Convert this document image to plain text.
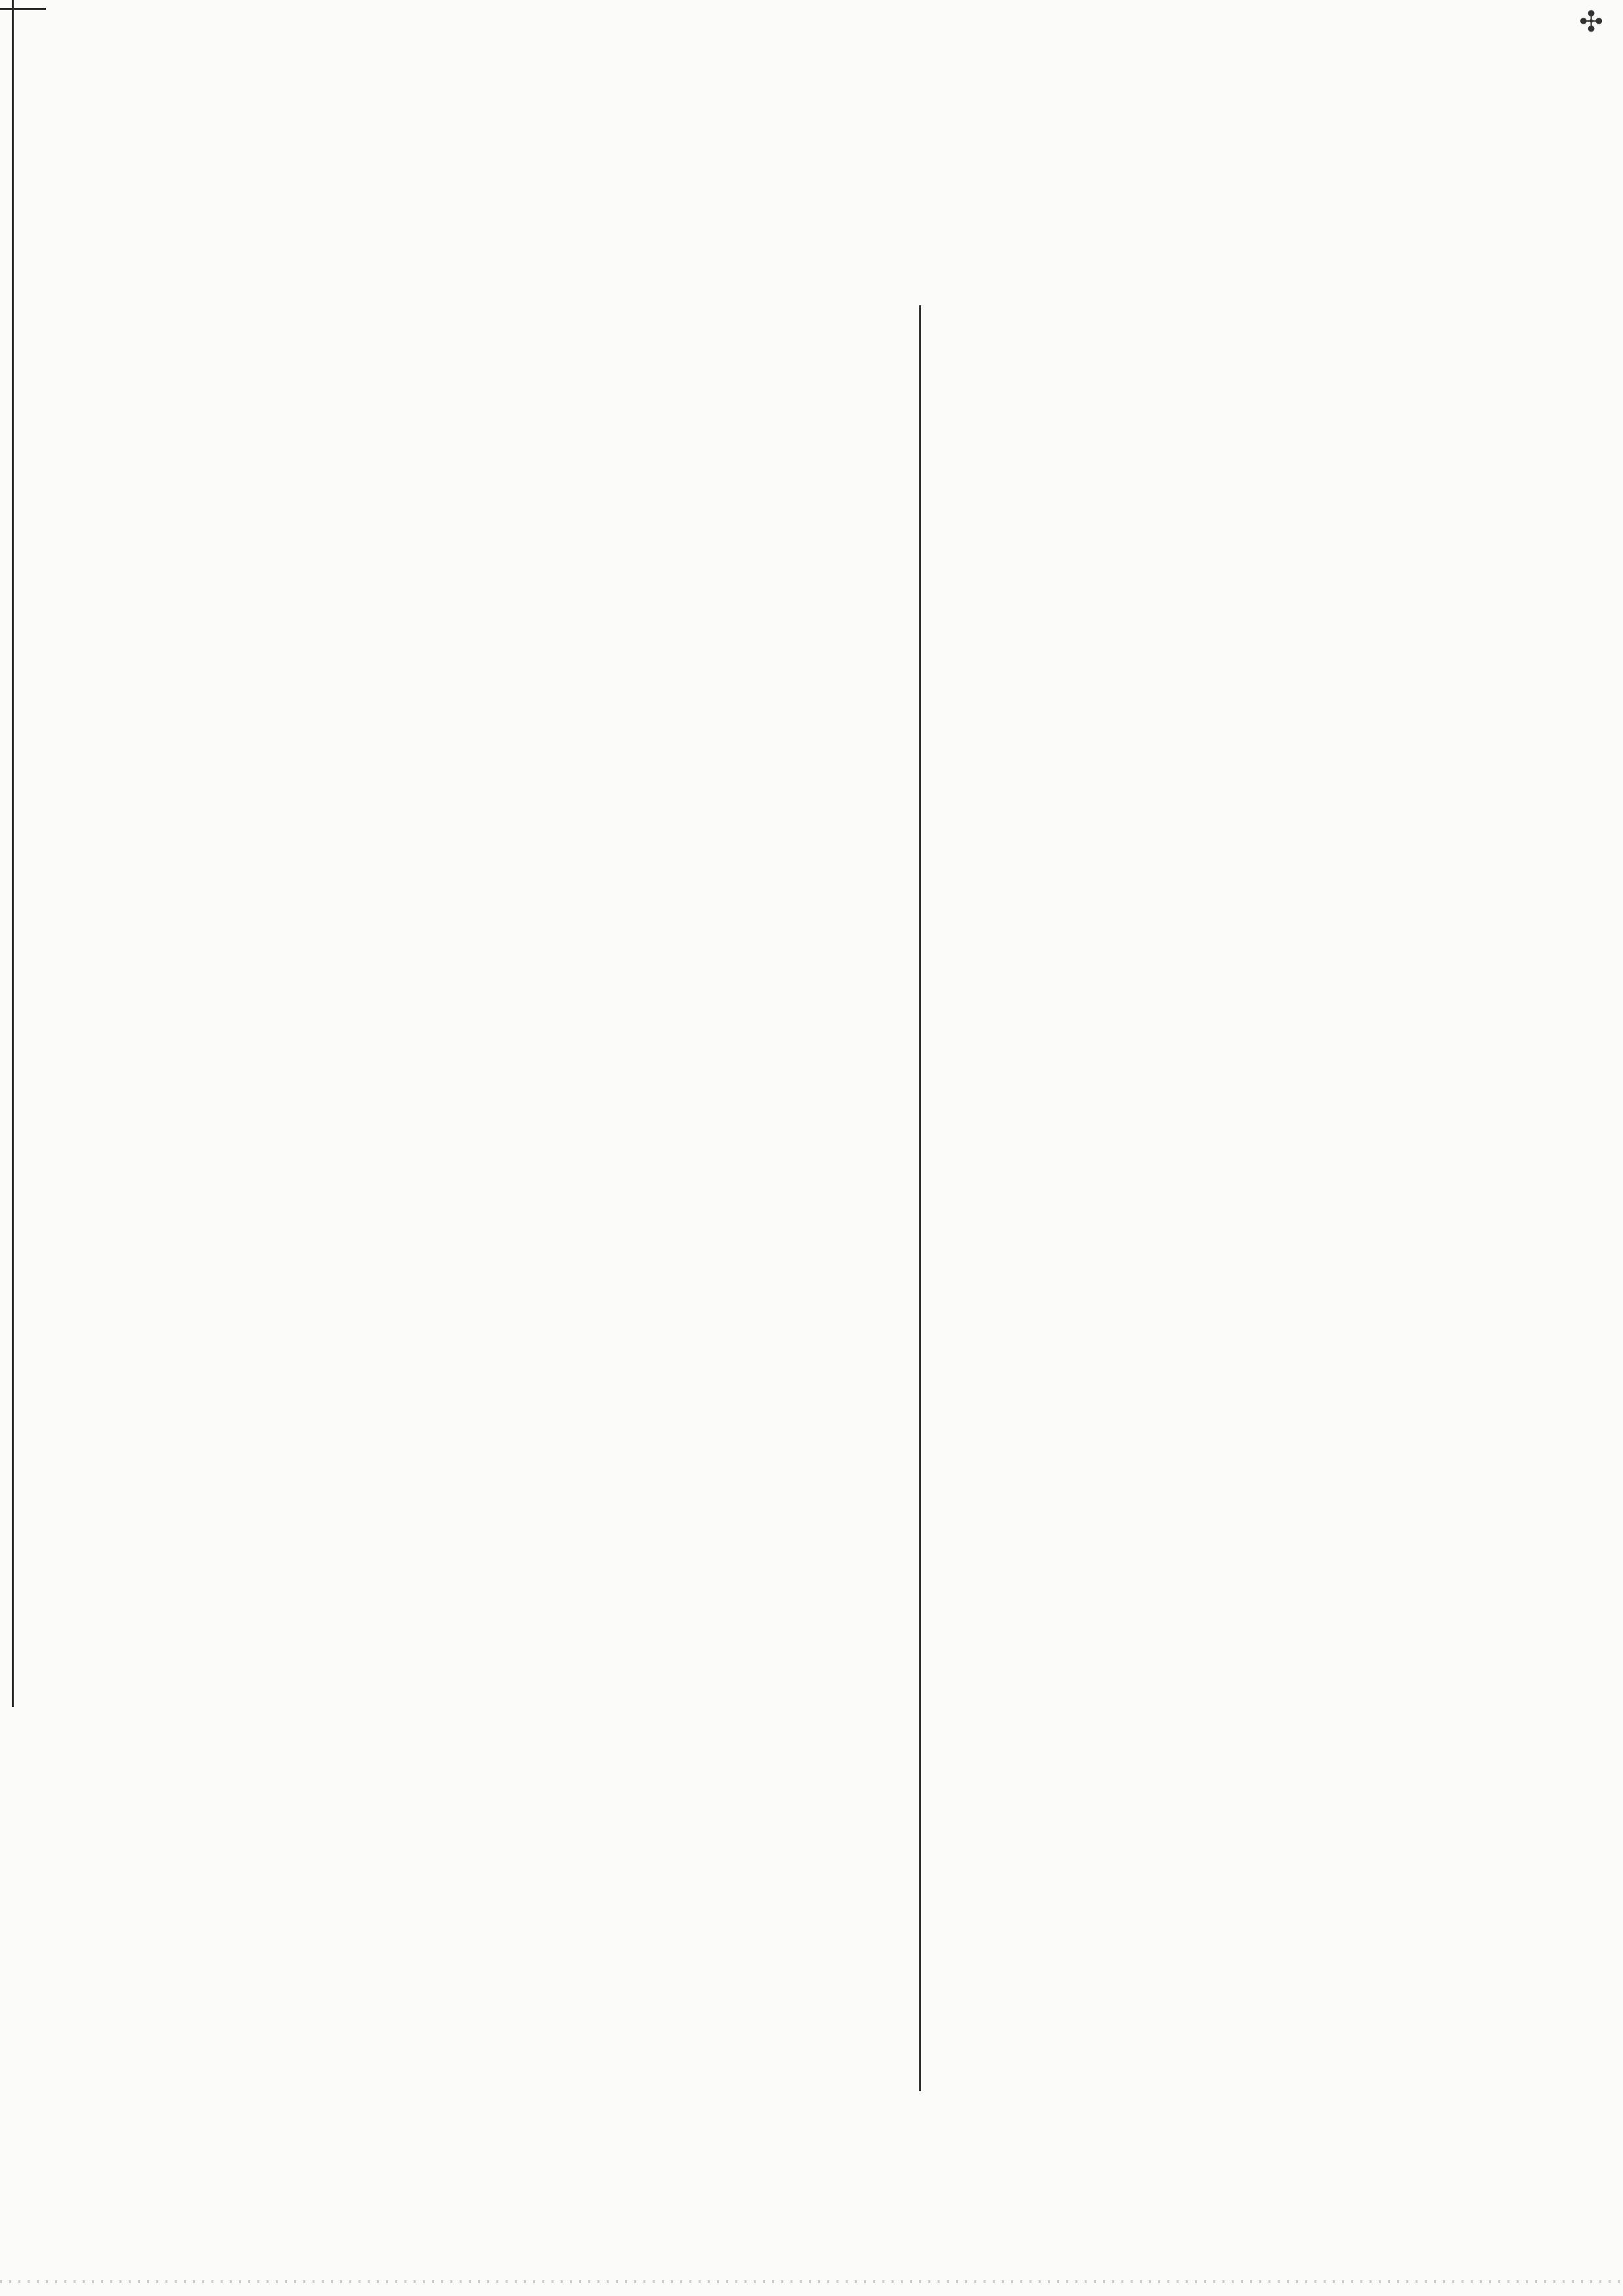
✣
